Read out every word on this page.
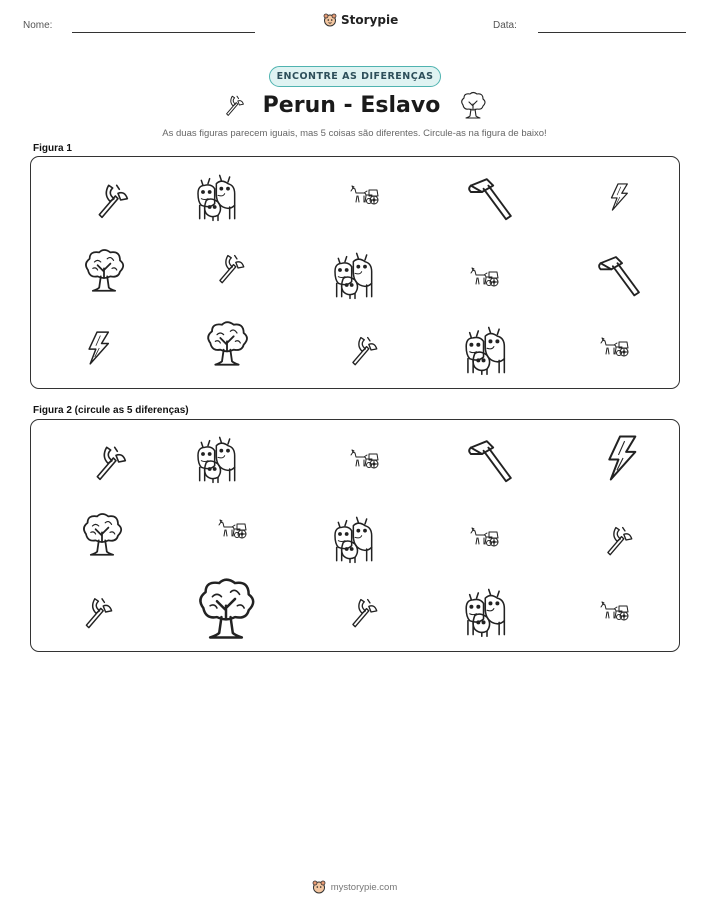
Nome:	Storypie	Data:
ENCONTRE AS DIFERENÇAS
Perun - Eslavo
As duas figuras parecem iguais, mas 5 coisas são diferentes. Circule-as na figura de baixo!
Figura 1
Figura 2 (circule as 5 diferenças)
mystorypie.com
